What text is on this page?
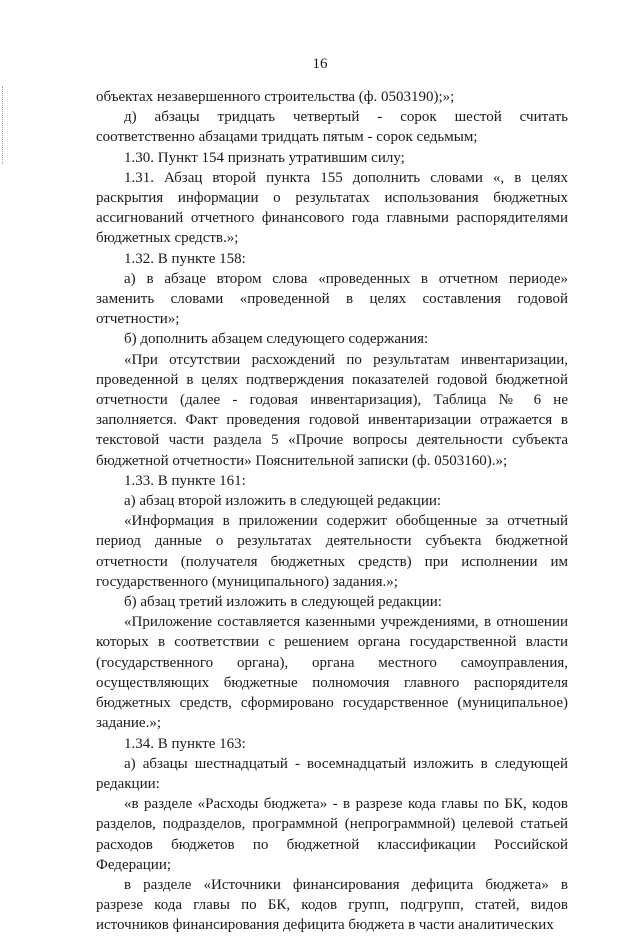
16

объектах незавершенного строительства (ф. 0503190);»;

д) абзацы тридцать четвертый - сорок шестой считать соответственно абзацами тридцать пятым - сорок седьмым;

1.30. Пункт 154 признать утратившим силу;

1.31. Абзац второй пункта 155 дополнить словами «, в целях раскрытия информации о результатах использования бюджетных ассигнований отчетного финансового года главными распорядителями бюджетных средств.»;

1.32. В пункте 158:

а) в абзаце втором слова «проведенных в отчетном периоде» заменить словами «проведенной в целях составления годовой отчетности»;

б) дополнить абзацем следующего содержания:

«При отсутствии расхождений по результатам инвентаризации, проведенной в целях подтверждения показателей годовой бюджетной отчетности (далее - годовая инвентаризация), Таблица № 6 не заполняется. Факт проведения годовой инвентаризации отражается в текстовой части раздела 5 «Прочие вопросы деятельности субъекта бюджетной отчетности» Пояснительной записки (ф. 0503160).»;

1.33. В пункте 161:

а) абзац второй изложить в следующей редакции:

«Информация в приложении содержит обобщенные за отчетный период данные о результатах деятельности субъекта бюджетной отчетности (получателя бюджетных средств) при исполнении им государственного (муниципального) задания.»;

б) абзац третий изложить в следующей редакции:

«Приложение составляется казенными учреждениями, в отношении которых в соответствии с решением органа государственной власти (государственного органа), органа местного самоуправления, осуществляющих бюджетные полномочия главного распорядителя бюджетных средств, сформировано государственное (муниципальное) задание.»;

1.34. В пункте 163:

а) абзацы шестнадцатый - восемнадцатый изложить в следующей редакции:

«в разделе «Расходы бюджета» - в разрезе кода главы по БК, кодов разделов, подразделов, программной (непрограммной) целевой статьей расходов бюджетов по бюджетной классификации Российской Федерации;

в разделе «Источники финансирования дефицита бюджета» в разрезе кода главы по БК, кодов групп, подгрупп, статей, видов источников финансирования дефицита бюджета в части аналитических
